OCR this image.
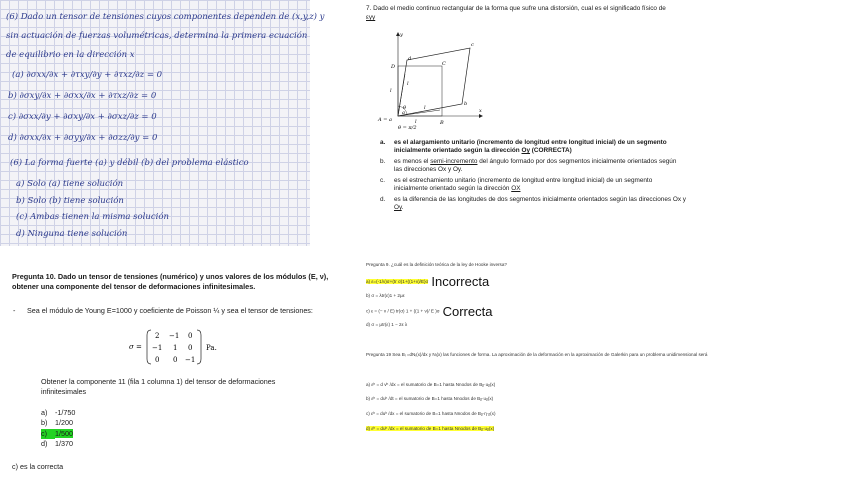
(6) Dado un tensor de tensiones cuyos componentes dependen de (x,y,z) y
sin actuación de fuerzas volumétricas, determina la primera ecuación
de equilibrio en la dirección x
(a) ∂σxx/∂x + ∂τxy/∂y + ∂τxz/∂z = 0
b) ∂σxy/∂x + ∂σxx/∂x + ∂τxz/∂z = 0
c) ∂σxx/∂y + ∂σxy/∂x + ∂σxz/∂z = 0
d) ∂σxx/∂x + ∂σyy/∂x + ∂σzz/∂y = 0
(6) La forma fuerte (a) y débil (b) del problema elástico
a) Solo (a) tiene solución
b) Solo (b) tiene solución
(c) Ambas tienen la misma solución
d) Ninguna tiene solución
7. Dado el medio continuo rectangular de la forma que sufre una distorsión, cual es el significado físico de εyy
y
x
D	C
A = a	B
d
c
b
a
l
l
l
l
θ
θ = π/2
a. es el alargamiento unitario (incremento de longitud entre longitud inicial) de un segmento inicialmente orientado según la dirección Oy (CORRECTA)
b. es menos el semi-incremento del ángulo formado por dos segmentos inicialmente orientados según las direcciones Ox y Oy.
c. es el estrechamiento unitario (incremento de longitud entre longitud inicial) de un segmento inicialmente orientado según la dirección OX
d. es la diferencia de las longitudes de dos segmentos inicialmente orientados según las direcciones Ox y Oy.
Pregunta 10. Dado un tensor de tensiones (numérico) y unos valores de los módulos (E, ν), obtener una componente del tensor de deformaciones infinitesimales.
- Sea el módulo de Young E=1000 y coeficiente de Poisson ¼ y sea el tensor de tensiones:
σ =
2 −1 0
−1 1 0
0 0 −1
Pa.
Obtener la componente 11 (fila 1 columna 1) del tensor de deformaciones infinitesimales
a) -1/750
b) 1/200
c) 1/500
d) 1/370
c) es la correcta
Pregunta 9. ¿cuál es la definición teórica de la ley de Hooke inversa?
a) ε=(-1/ν)σ+(tr σ)1+((1+ν)/E)σ Incorrecta
b) σ = λtr(ε)1 + 2με
c) ε = (− ν / E) tr(σ) 1 + ((1 + ν)/ E )σ Correcta
d) σ = μtr(ε) 1 − 2ε λ
Pregunta 19 Sea Bᵢ =dNᵢ(x)/dx y Nᵢ(x) las funciones de forma. La aproximación de la deformación en la aproximación de Galerkin para un problema unidimensional será
a) εʰ = d vʰ /dx = el sumatorio de B=1 hasta Nnodos de Bᵦ·uᵦ(x)
b) εʰ = duʰ /dt = el sumatorio de B=1 hasta Nnodos de Bᵦ·uᵦ(x)
c) εʰ = duʰ /dx = el sumatorio de B=1 hasta Nnodos de Bᵦ·η·ᵦ(x)
d) εʰ = duʰ /dx = el sumatorio de B=1 hasta Nnodos de Bᵦ·uᵦ(x)
